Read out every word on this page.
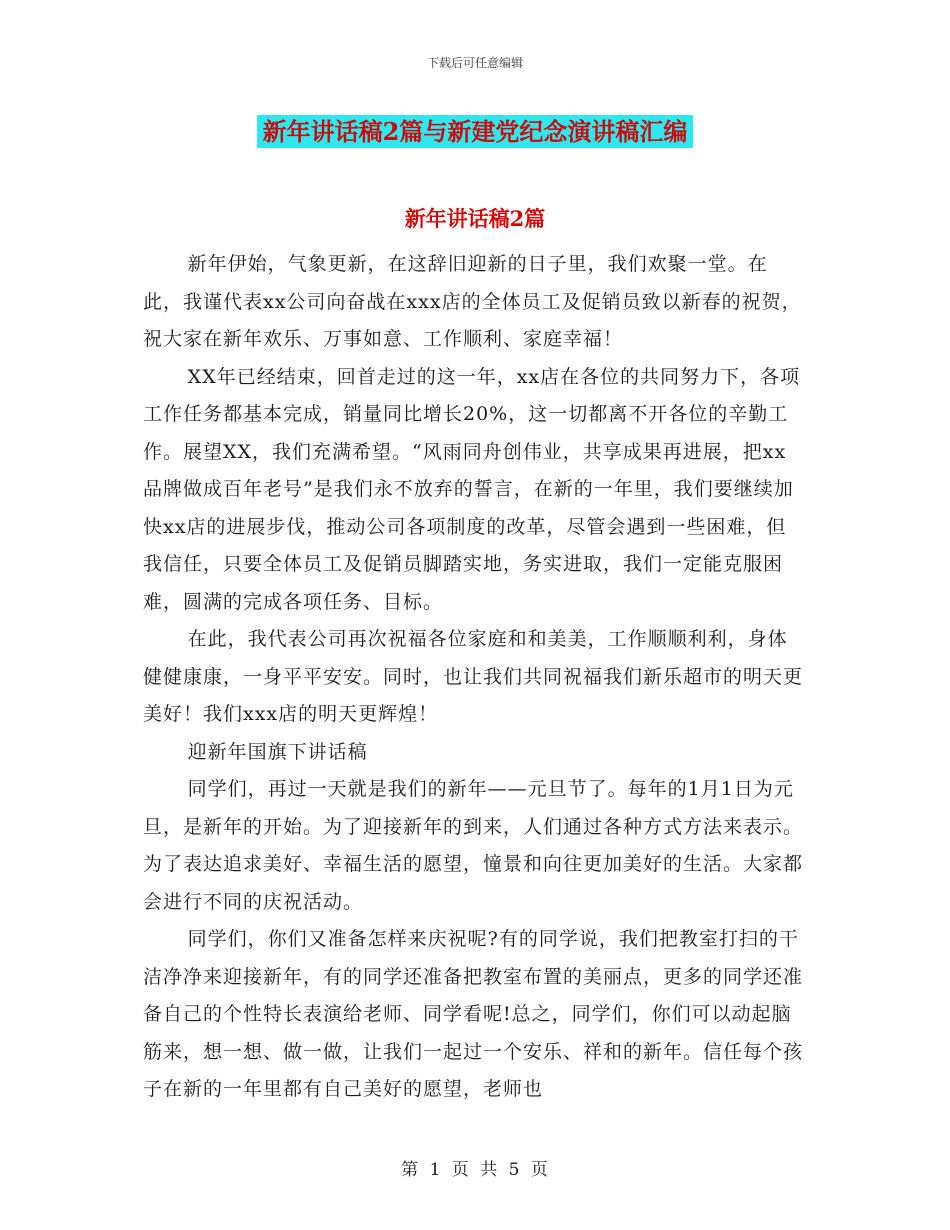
下载后可任意编辑
新年讲话稿2篇与新建党纪念演讲稿汇编
新年讲话稿2篇

新年伊始，气象更新，在这辞旧迎新的日子里，我们欢聚一堂。在此，我谨代表xx公司向奋战在xxx店的全体员工及促销员致以新春的祝贺，祝大家在新年欢乐、万事如意、工作顺利、家庭幸福！

XX年已经结束，回首走过的这一年，xx店在各位的共同努力下，各项工作任务都基本完成，销量同比增长20%，这一切都离不开各位的辛勤工作。展望XX，我们充满希望。“风雨同舟创伟业，共享成果再进展，把xx品牌做成百年老号”是我们永不放弃的誓言，在新的一年里，我们要继续加快xx店的进展步伐，推动公司各项制度的改革，尽管会遇到一些困难，但我信任，只要全体员工及促销员脚踏实地，务实进取，我们一定能克服困难，圆满的完成各项任务、目标。

在此，我代表公司再次祝福各位家庭和和美美，工作顺顺利利，身体健健康康，一身平平安安。同时，也让我们共同祝福我们新乐超市的明天更美好！我们xxx店的明天更辉煌！

迎新年国旗下讲话稿

同学们，再过一天就是我们的新年——元旦节了。每年的1月1日为元旦，是新年的开始。为了迎接新年的到来，人们通过各种方式方法来表示。为了表达追求美好、幸福生活的愿望，憧景和向往更加美好的生活。大家都会进行不同的庆祝活动。

同学们，你们又准备怎样来庆祝呢?有的同学说，我们把教室打扫的干洁净净来迎接新年，有的同学还准备把教室布置的美丽点，更多的同学还准备自己的个性特长表演给老师、同学看呢!总之，同学们，你们可以动起脑筋来，想一想、做一做，让我们一起过一个安乐、祥和的新年。信任每个孩子在新的一年里都有自己美好的愿望，老师也

第 1 页 共 5 页
